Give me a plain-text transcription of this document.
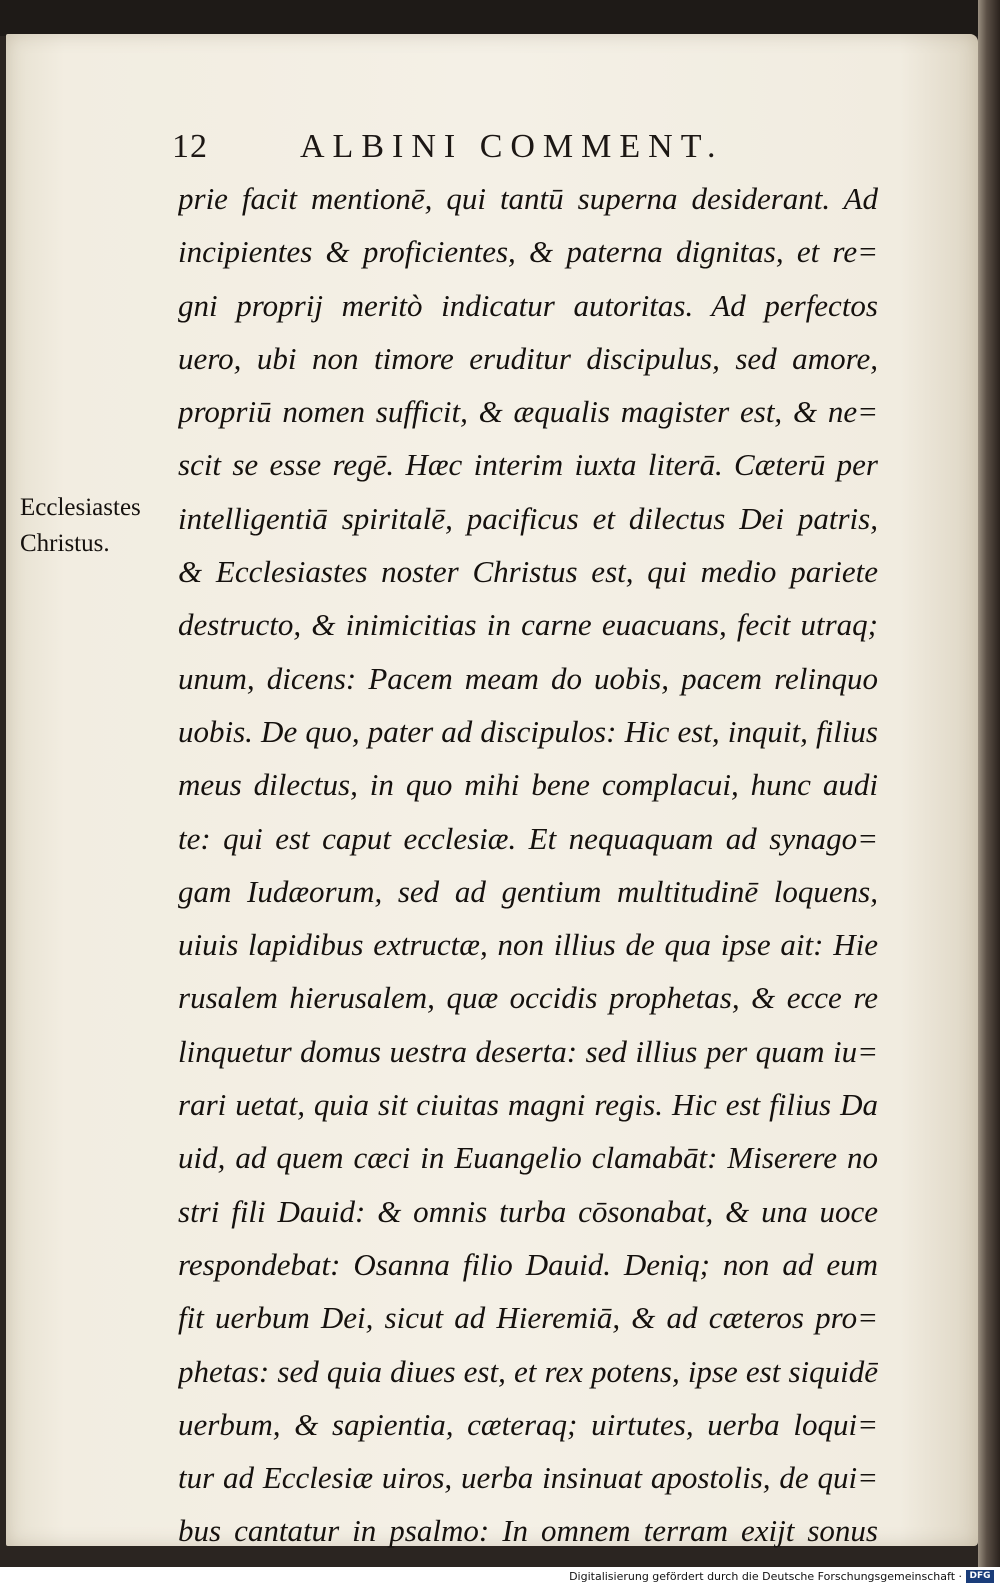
12	ALBINI COMMENT.
Ecclesiastes
Christus.
prie facit mentionē, qui tantū superna desiderant. Ad
incipientes & proficientes, & paterna dignitas, et re=
gni proprij meritò indicatur autoritas. Ad perfectos
uero, ubi non timore eruditur discipulus, sed amore,
propriū nomen sufficit, & æqualis magister est, & ne=
scit se esse regē. Hæc interim iuxta literā. Cæterū per
intelligentiā spiritalē, pacificus et dilectus Dei patris,
& Ecclesiastes noster Christus est, qui medio pariete
destructo, & inimicitias in carne euacuans, fecit utraq;
unum, dicens: Pacem meam do uobis, pacem relinquo
uobis. De quo, pater ad discipulos: Hic est, inquit, filius
meus dilectus, in quo mihi bene complacui, hunc audi
te: qui est caput ecclesiæ. Et nequaquam ad synago=
gam Iudæorum, sed ad gentium multitudinē loquens,
uiuis lapidibus extructæ, non illius de qua ipse ait: Hie
rusalem hierusalem, quæ occidis prophetas, & ecce re
linquetur domus uestra deserta: sed illius per quam iu=
rari uetat, quia sit ciuitas magni regis. Hic est filius Da
uid, ad quem cæci in Euangelio clamabāt: Miserere no
stri fili Dauid: & omnis turba cōsonabat, & una uoce
respondebat: Osanna filio Dauid. Deniq; non ad eum
fit uerbum Dei, sicut ad Hieremiā, & ad cæteros pro=
phetas: sed quia diues est, et rex potens, ipse est siquidē
uerbum, & sapientia, cæteraq; uirtutes, uerba loqui=
tur ad Ecclesiæ uiros, uerba insinuat apostolis, de qui=
bus cantatur in psalmo: In omnem terram exijt sonus
Digitalisierung gefördert durch die Deutsche Forschungsgemeinschaft · DFG
